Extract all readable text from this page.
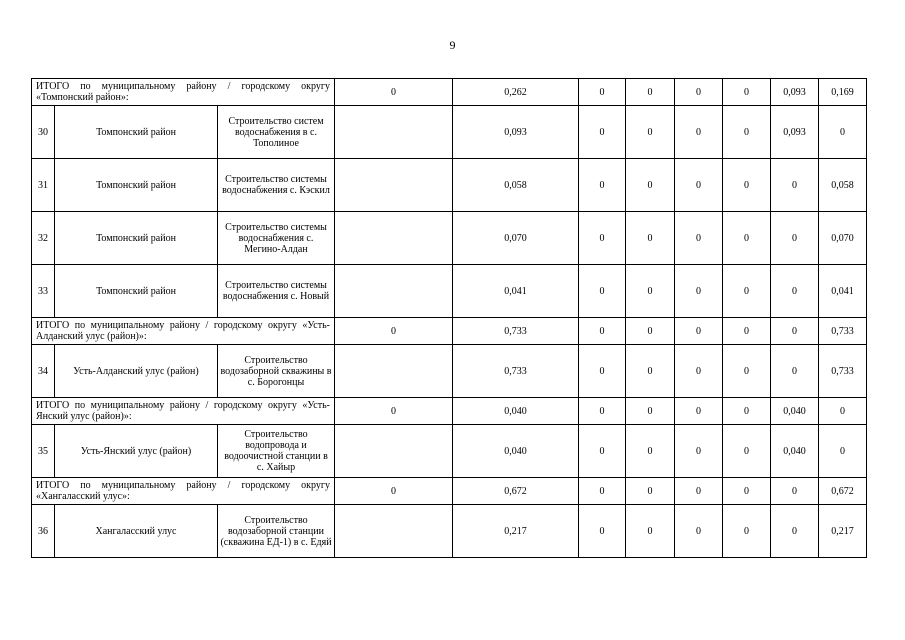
9
ИТОГО по муниципальному району / городскому округу «Томпонский район»:			0	0,262	0	0	0	0	0,093	0,169
30	Томпонский район	Строительство систем водоснабжения в с. Тополиное		0,093	0	0	0	0	0,093	0
31	Томпонский район	Строительство системы водоснабжения с. Кэскил		0,058	0	0	0	0	0	0,058
32	Томпонский район	Строительство системы водоснабжения с. Мегино-Алдан		0,070	0	0	0	0	0	0,070
33	Томпонский район	Строительство системы водоснабжения с. Новый		0,041	0	0	0	0	0	0,041
ИТОГО по муниципальному району / городскому округу «Усть-Алданский улус (район)»:			0	0,733	0	0	0	0	0	0,733
34	Усть-Алданский улус (район)	Строительство водозаборной скважины в с. Борогонцы		0,733	0	0	0	0	0	0,733
ИТОГО по муниципальному району / городскому округу «Усть-Янский улус (район)»:			0	0,040	0	0	0	0	0,040	0
35	Усть-Янский улус (район)	Строительство водопровода и водоочистной станции в с. Хайыр		0,040	0	0	0	0	0,040	0
ИТОГО по муниципальному району / городскому округу «Хангаласский улус»:			0	0,672	0	0	0	0	0	0,672
36	Хангаласский улус	Строительство водозаборной станции (скважина ЕД-1) в с. Едяй		0,217	0	0	0	0	0	0,217
